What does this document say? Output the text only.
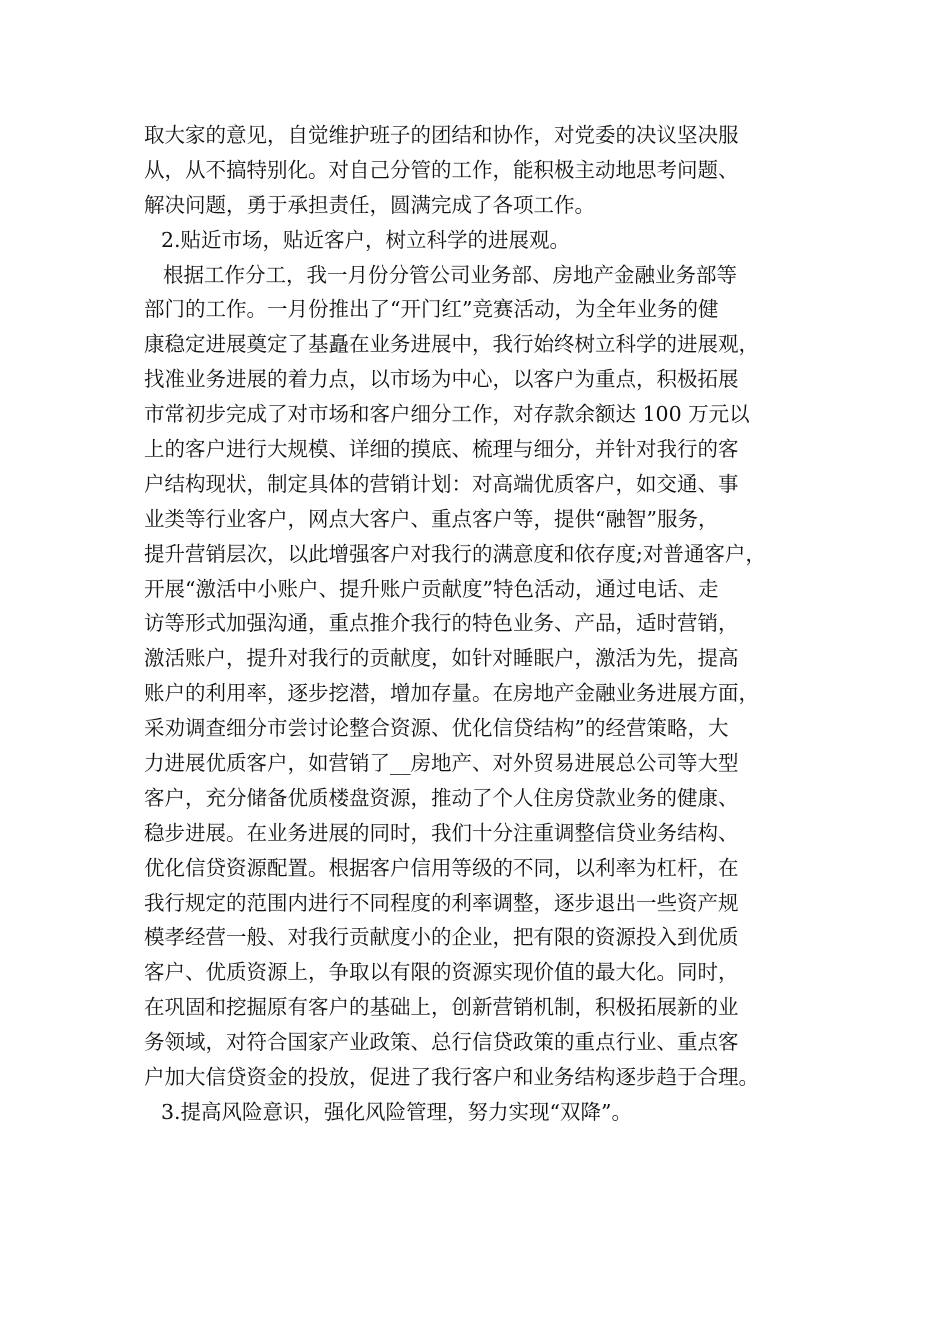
取大家的意见，自觉维护班子的团结和协作，对党委的决议坚决服
从，从不搞特别化。对自己分管的工作，能积极主动地思考问题、
解决问题，勇于承担责任，圆满完成了各项工作。
2.贴近市场，贴近客户，树立科学的进展观。
根据工作分工，我一月份分管公司业务部、房地产金融业务部等
部门的工作。一月份推出了“开门红”竞赛活动，为全年业务的健
康稳定进展奠定了基矗在业务进展中，我行始终树立科学的进展观，
找准业务进展的着力点，以市场为中心，以客户为重点，积极拓展
市常初步完成了对市场和客户细分工作，对存款余额达 100 万元以
上的客户进行大规模、详细的摸底、梳理与细分，并针对我行的客
户结构现状，制定具体的营销计划：对高端优质客户，如交通、事
业类等行业客户，网点大客户、重点客户等，提供“融智”服务，
提升营销层次，以此增强客户对我行的满意度和依存度;对普通客户，
开展“激活中小账户、提升账户贡献度”特色活动，通过电话、走
访等形式加强沟通，重点推介我行的特色业务、产品，适时营销，
激活账户，提升对我行的贡献度，如针对睡眠户，激活为先，提高
账户的利用率，逐步挖潜，增加存量。在房地产金融业务进展方面，
采劝调查细分市尝讨论整合资源、优化信贷结构”的经营策略，大
力进展优质客户，如营销了__房地产、对外贸易进展总公司等大型
客户，充分储备优质楼盘资源，推动了个人住房贷款业务的健康、
稳步进展。在业务进展的同时，我们十分注重调整信贷业务结构、
优化信贷资源配置。根据客户信用等级的不同，以利率为杠杆，在
我行规定的范围内进行不同程度的利率调整，逐步退出一些资产规
模孝经营一般、对我行贡献度小的企业，把有限的资源投入到优质
客户、优质资源上，争取以有限的资源实现价值的最大化。同时，
在巩固和挖掘原有客户的基础上，创新营销机制，积极拓展新的业
务领域，对符合国家产业政策、总行信贷政策的重点行业、重点客
户加大信贷资金的投放，促进了我行客户和业务结构逐步趋于合理。
3.提高风险意识，强化风险管理，努力实现“双降”。
